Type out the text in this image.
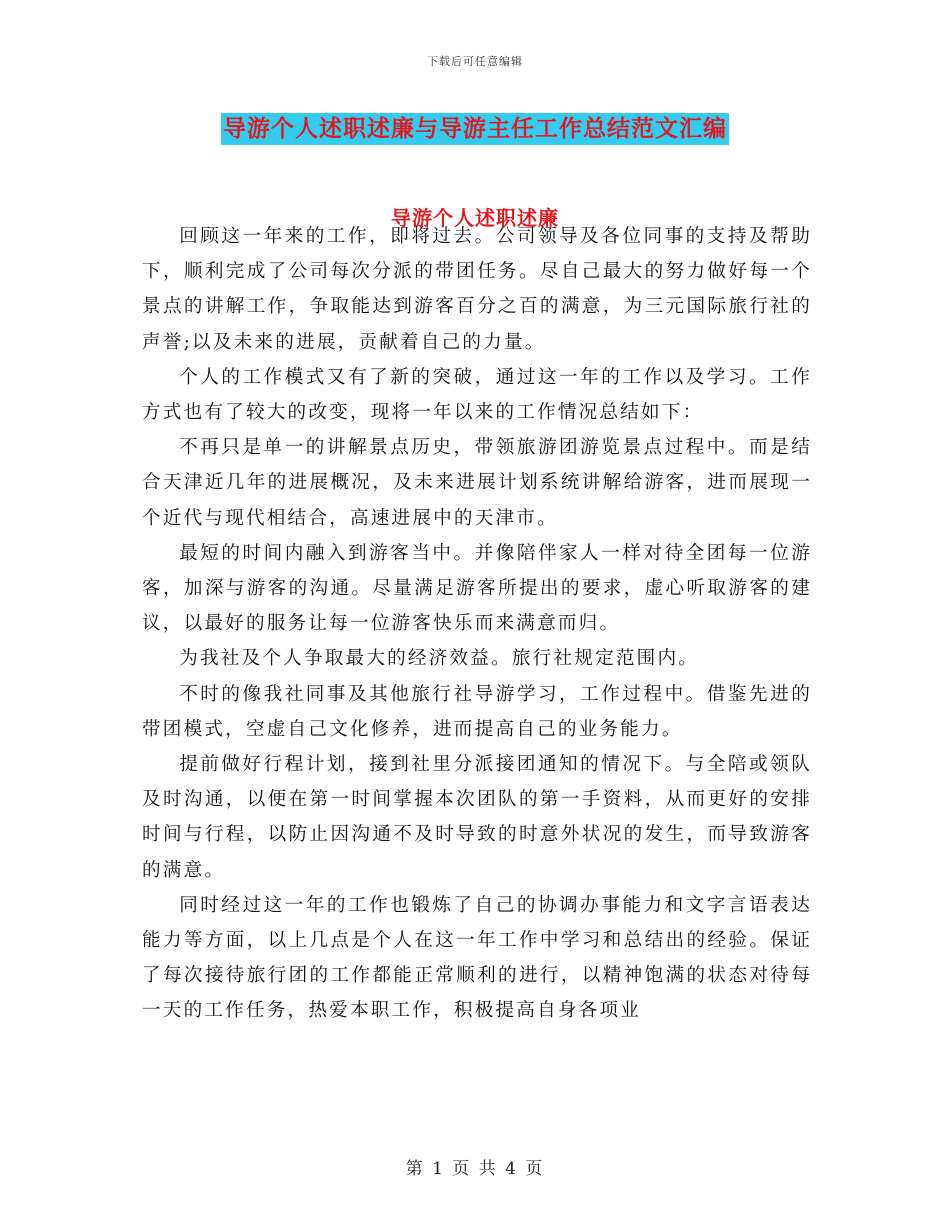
下载后可任意编辑
导游个人述职述廉与导游主任工作总结范文汇编
导游个人述职述廉

回顾这一年来的工作，即将过去。公司领导及各位同事的支持及帮助下，顺利完成了公司每次分派的带团任务。尽自己最大的努力做好每一个景点的讲解工作，争取能达到游客百分之百的满意，为三元国际旅行社的声誉;以及未来的进展，贡献着自己的力量。

个人的工作模式又有了新的突破，通过这一年的工作以及学习。工作方式也有了较大的改变，现将一年以来的工作情况总结如下：

不再只是单一的讲解景点历史，带领旅游团游览景点过程中。而是结合天津近几年的进展概况，及未来进展计划系统讲解给游客，进而展现一个近代与现代相结合，高速进展中的天津市。

最短的时间内融入到游客当中。并像陪伴家人一样对待全团每一位游客，加深与游客的沟通。尽量满足游客所提出的要求，虚心听取游客的建议，以最好的服务让每一位游客快乐而来满意而归。

为我社及个人争取最大的经济效益。旅行社规定范围内。

不时的像我社同事及其他旅行社导游学习，工作过程中。借鉴先进的带团模式，空虚自己文化修养，进而提高自己的业务能力。

提前做好行程计划，接到社里分派接团通知的情况下。与全陪或领队及时沟通，以便在第一时间掌握本次团队的第一手资料，从而更好的安排时间与行程，以防止因沟通不及时导致的时意外状况的发生，而导致游客的满意。

同时经过这一年的工作也锻炼了自己的协调办事能力和文字言语表达能力等方面，以上几点是个人在这一年工作中学习和总结出的经验。保证了每次接待旅行团的工作都能正常顺利的进行，以精神饱满的状态对待每一天的工作任务，热爱本职工作，积极提高自身各项业

第 1 页 共 4 页
